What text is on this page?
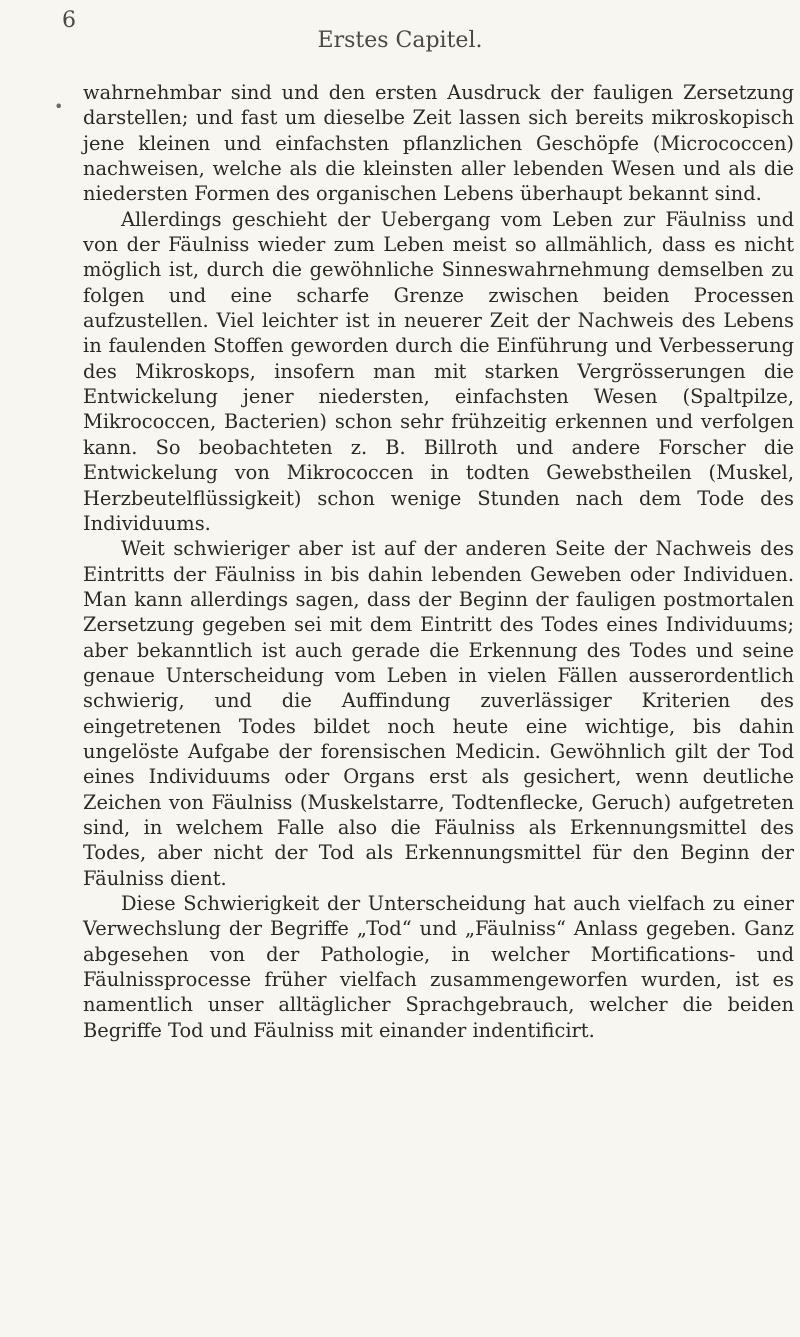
6
Erstes Capitel.
•

wahrnehmbar sind und den ersten Ausdruck der fauligen Zersetzung darstellen; und fast um dieselbe Zeit lassen sich bereits mikroskopisch jene kleinen und einfachsten pflanzlichen Geschöpfe (Micrococcen) nachweisen, welche als die kleinsten aller lebenden Wesen und als die niedersten Formen des organischen Lebens überhaupt bekannt sind.

Allerdings geschieht der Uebergang vom Leben zur Fäulniss und von der Fäulniss wieder zum Leben meist so allmählich, dass es nicht möglich ist, durch die gewöhnliche Sinneswahrnehmung demselben zu folgen und eine scharfe Grenze zwischen beiden Processen aufzustellen. Viel leichter ist in neuerer Zeit der Nachweis des Lebens in faulenden Stoffen geworden durch die Einführung und Verbesserung des Mikroskops, insofern man mit starken Vergrösserungen die Entwickelung jener niedersten, einfachsten Wesen (Spaltpilze, Mikrococcen, Bacterien) schon sehr frühzeitig erkennen und verfolgen kann. So beobachteten z. B. Billroth und andere Forscher die Entwickelung von Mikrococcen in todten Gewebstheilen (Muskel, Herzbeutelflüssigkeit) schon wenige Stunden nach dem Tode des Individuums.

Weit schwieriger aber ist auf der anderen Seite der Nachweis des Eintritts der Fäulniss in bis dahin lebenden Geweben oder Individuen. Man kann allerdings sagen, dass der Beginn der fauligen postmortalen Zersetzung gegeben sei mit dem Eintritt des Todes eines Individuums; aber bekanntlich ist auch gerade die Erkennung des Todes und seine genaue Unterscheidung vom Leben in vielen Fällen ausserordentlich schwierig, und die Auffindung zuverlässiger Kriterien des eingetretenen Todes bildet noch heute eine wichtige, bis dahin ungelöste Aufgabe der forensischen Medicin. Gewöhnlich gilt der Tod eines Individuums oder Organs erst als gesichert, wenn deutliche Zeichen von Fäulniss (Muskelstarre, Todtenflecke, Geruch) aufgetreten sind, in welchem Falle also die Fäulniss als Erkennungsmittel des Todes, aber nicht der Tod als Erkennungsmittel für den Beginn der Fäulniss dient.

Diese Schwierigkeit der Unterscheidung hat auch vielfach zu einer Verwechslung der Begriffe „Tod“ und „Fäulniss“ Anlass gegeben. Ganz abgesehen von der Pathologie, in welcher Mortifications- und Fäulnissprocesse früher vielfach zusammengeworfen wurden, ist es namentlich unser alltäglicher Sprachgebrauch, welcher die beiden Begriffe Tod und Fäulniss mit einander indentificirt.
